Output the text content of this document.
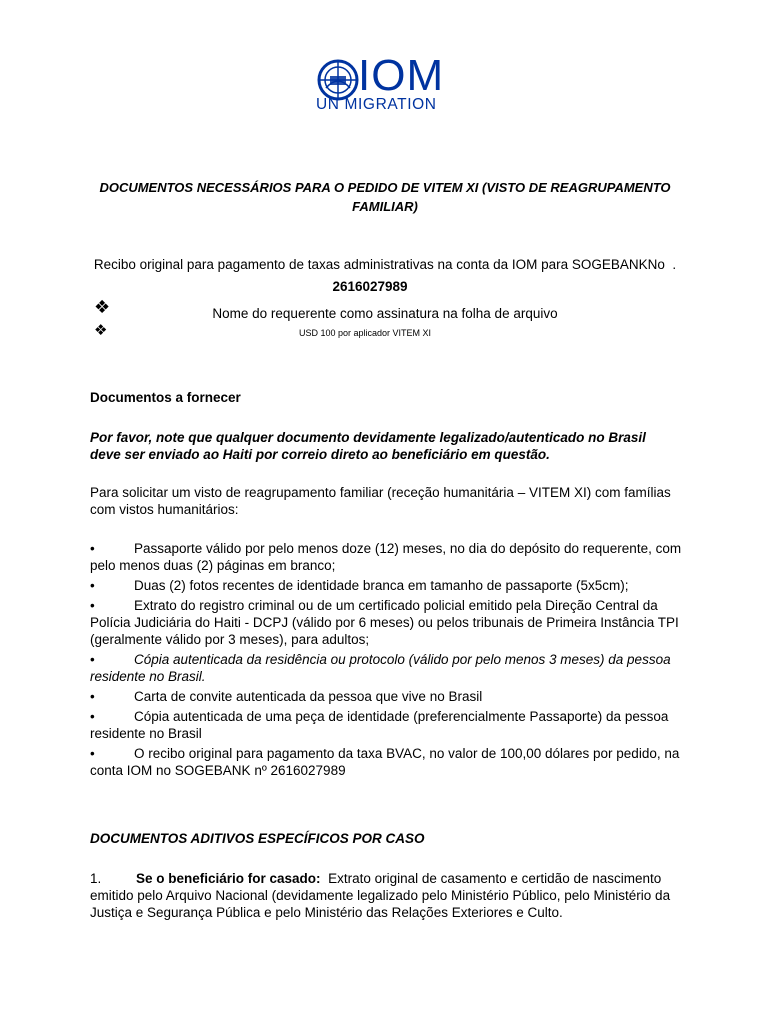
IOM
UN MIGRATION
DOCUMENTOS NECESSÁRIOS PARA O PEDIDO DE VITEM XI (VISTO DE REAGRUPAMENTO FAMILIAR)
Recibo original para pagamento de taxas administrativas na conta da IOM para SOGEBANKNo  .
2616027989
❖	Nome do requerente como assinatura na folha de arquivo
❖	USD 100 por aplicador VITEM XI
Documentos a fornecer
Por favor, note que qualquer documento devidamente legalizado/autenticado no Brasil deve ser enviado ao Haiti por correio direto ao beneficiário em questão.
Para solicitar um visto de reagrupamento familiar (receção humanitária – VITEM XI) com famílias com vistos humanitários:
•	Passaporte válido por pelo menos doze (12) meses, no dia do depósito do requerente, com pelo menos duas (2) páginas em branco;
•	Duas (2) fotos recentes de identidade branca em tamanho de passaporte (5x5cm);
•	Extrato do registro criminal ou de um certificado policial emitido pela Direção Central da Polícia Judiciária do Haiti - DCPJ (válido por 6 meses) ou pelos tribunais de Primeira Instância TPI (geralmente válido por 3 meses), para adultos;
•	Cópia autenticada da residência ou protocolo (válido por pelo menos 3 meses) da pessoa residente no Brasil.
•	Carta de convite autenticada da pessoa que vive no Brasil
•	Cópia autenticada de uma peça de identidade (preferencialmente Passaporte) da pessoa residente no Brasil
•	O recibo original para pagamento da taxa BVAC, no valor de 100,00 dólares por pedido, na conta IOM no SOGEBANK nº 2616027989
DOCUMENTOS ADITIVOS ESPECÍFICOS POR CASO
1.	Se o beneficiário for casado:  Extrato original de casamento e certidão de nascimento emitido pelo Arquivo Nacional (devidamente legalizado pelo Ministério Público, pelo Ministério da Justiça e Segurança Pública e pelo Ministério das Relações Exteriores e Culto.
